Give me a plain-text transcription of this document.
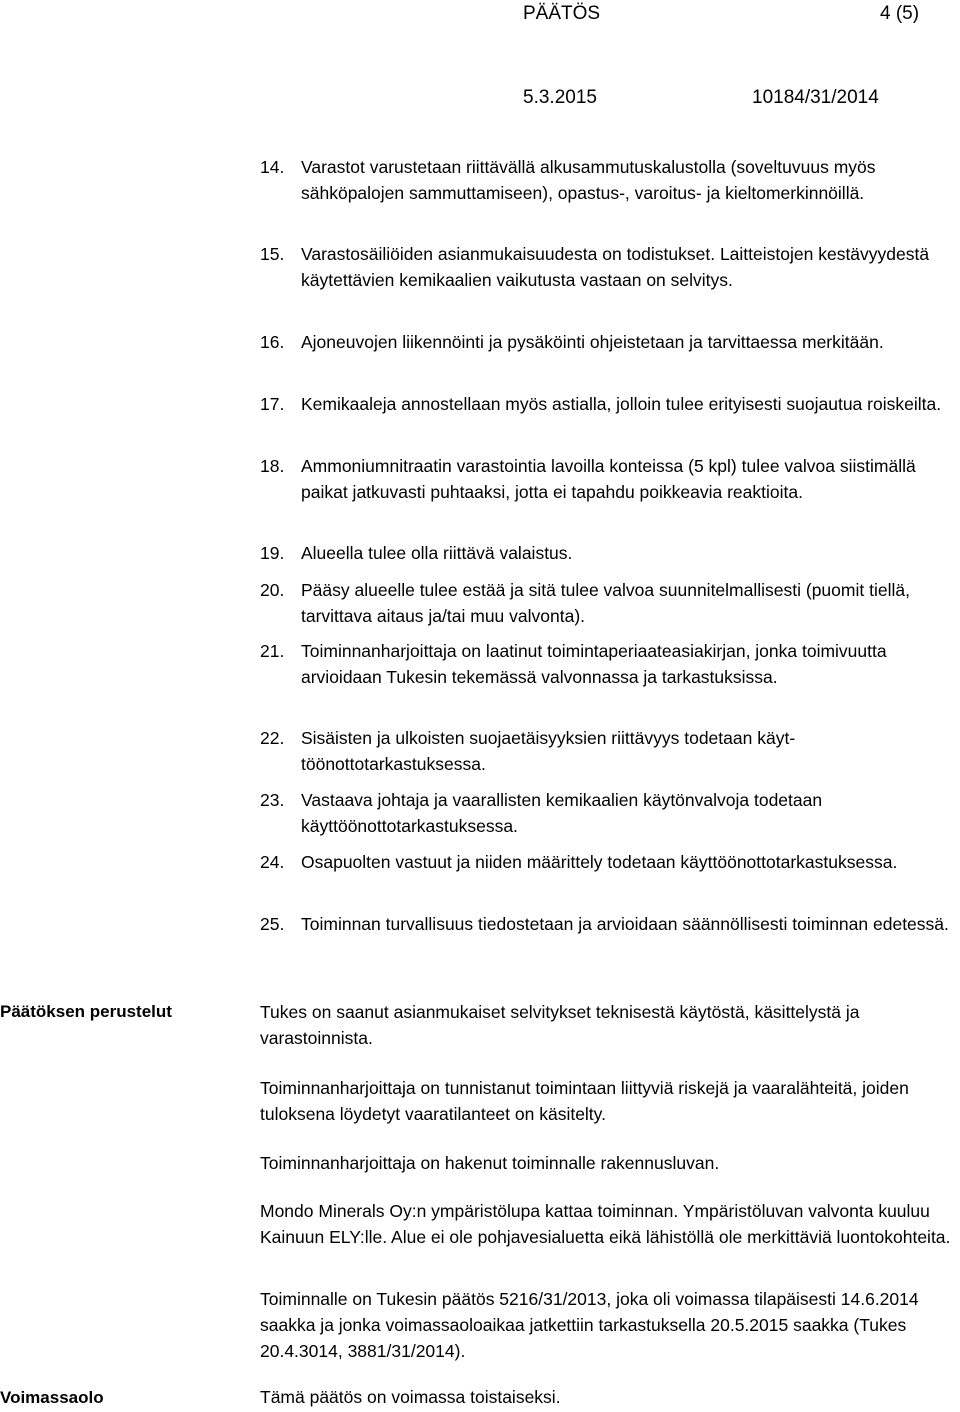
PÄÄTÖS	4 (5)
5.3.2015	10184/31/2014
14. Varastot varustetaan riittävällä alkusammutuskalustolla (soveltuvuus myös sähköpalojen sammuttamiseen), opastus-, varoitus- ja kieltomerkinnöillä.
15. Varastosäiliöiden asianmukaisuudesta on todistukset. Laitteistojen kestävyydestä käytettävien kemikaalien vaikutusta vastaan on selvitys.
16. Ajoneuvojen liikennöinti ja pysäköinti ohjeistetaan ja tarvittaessa merkitään.
17. Kemikaaleja annostellaan myös astialla, jolloin tulee erityisesti suojautua roiskeilta.
18. Ammoniumnitraatin varastointia lavoilla konteissa (5 kpl) tulee valvoa siistimällä paikat jatkuvasti puhtaaksi, jotta ei tapahdu poikkeavia reaktioita.
19. Alueella tulee olla riittävä valaistus.
20. Pääsy alueelle tulee estää ja sitä tulee valvoa suunnitelmallisesti (puomit tiellä, tarvittava aitaus ja/tai muu valvonta).
21. Toiminnanharjoittaja on laatinut toimintaperiaateasiakirjan, jonka toimivuutta arvioidaan Tukesin tekemässä valvonnassa ja tarkastuksissa.
22. Sisäisten ja ulkoisten suojaetäisyyksien riittävyys todetaan käyttöönottotarkastuksessa.
23. Vastaava johtaja ja vaarallisten kemikaalien käytönvalvoja todetaan käyttöönottotarkastuksessa.
24. Osapuolten vastuut ja niiden määrittely todetaan käyttöönottotarkastuksessa.
25. Toiminnan turvallisuus tiedostetaan ja arvioidaan säännöllisesti toiminnan edetessä.
Päätöksen perustelut	Tukes on saanut asianmukaiset selvitykset teknisestä käytöstä, käsittelystä ja varastoinnista.
Toiminnanharjoittaja on tunnistanut toimintaan liittyviä riskejä ja vaaralähteitä, joiden tuloksena löydetyt vaaratilanteet on käsitelty.
Toiminnanharjoittaja on hakenut toiminnalle rakennusluvan.
Mondo Minerals Oy:n ympäristölupa kattaa toiminnan. Ympäristöluvan valvonta kuuluu Kainuun ELY:lle. Alue ei ole pohjavesialuetta eikä lähistöllä ole merkittäviä luontokohteita.
Toiminnalle on Tukesin päätös 5216/31/2013, joka oli voimassa tilapäisesti 14.6.2014 saakka ja jonka voimassaoloaikaa jatkettiin tarkastuksella 20.5.2015 saakka (Tukes 20.4.3014, 3881/31/2014).
Voimassaolo	Tämä päätös on voimassa toistaiseksi.
